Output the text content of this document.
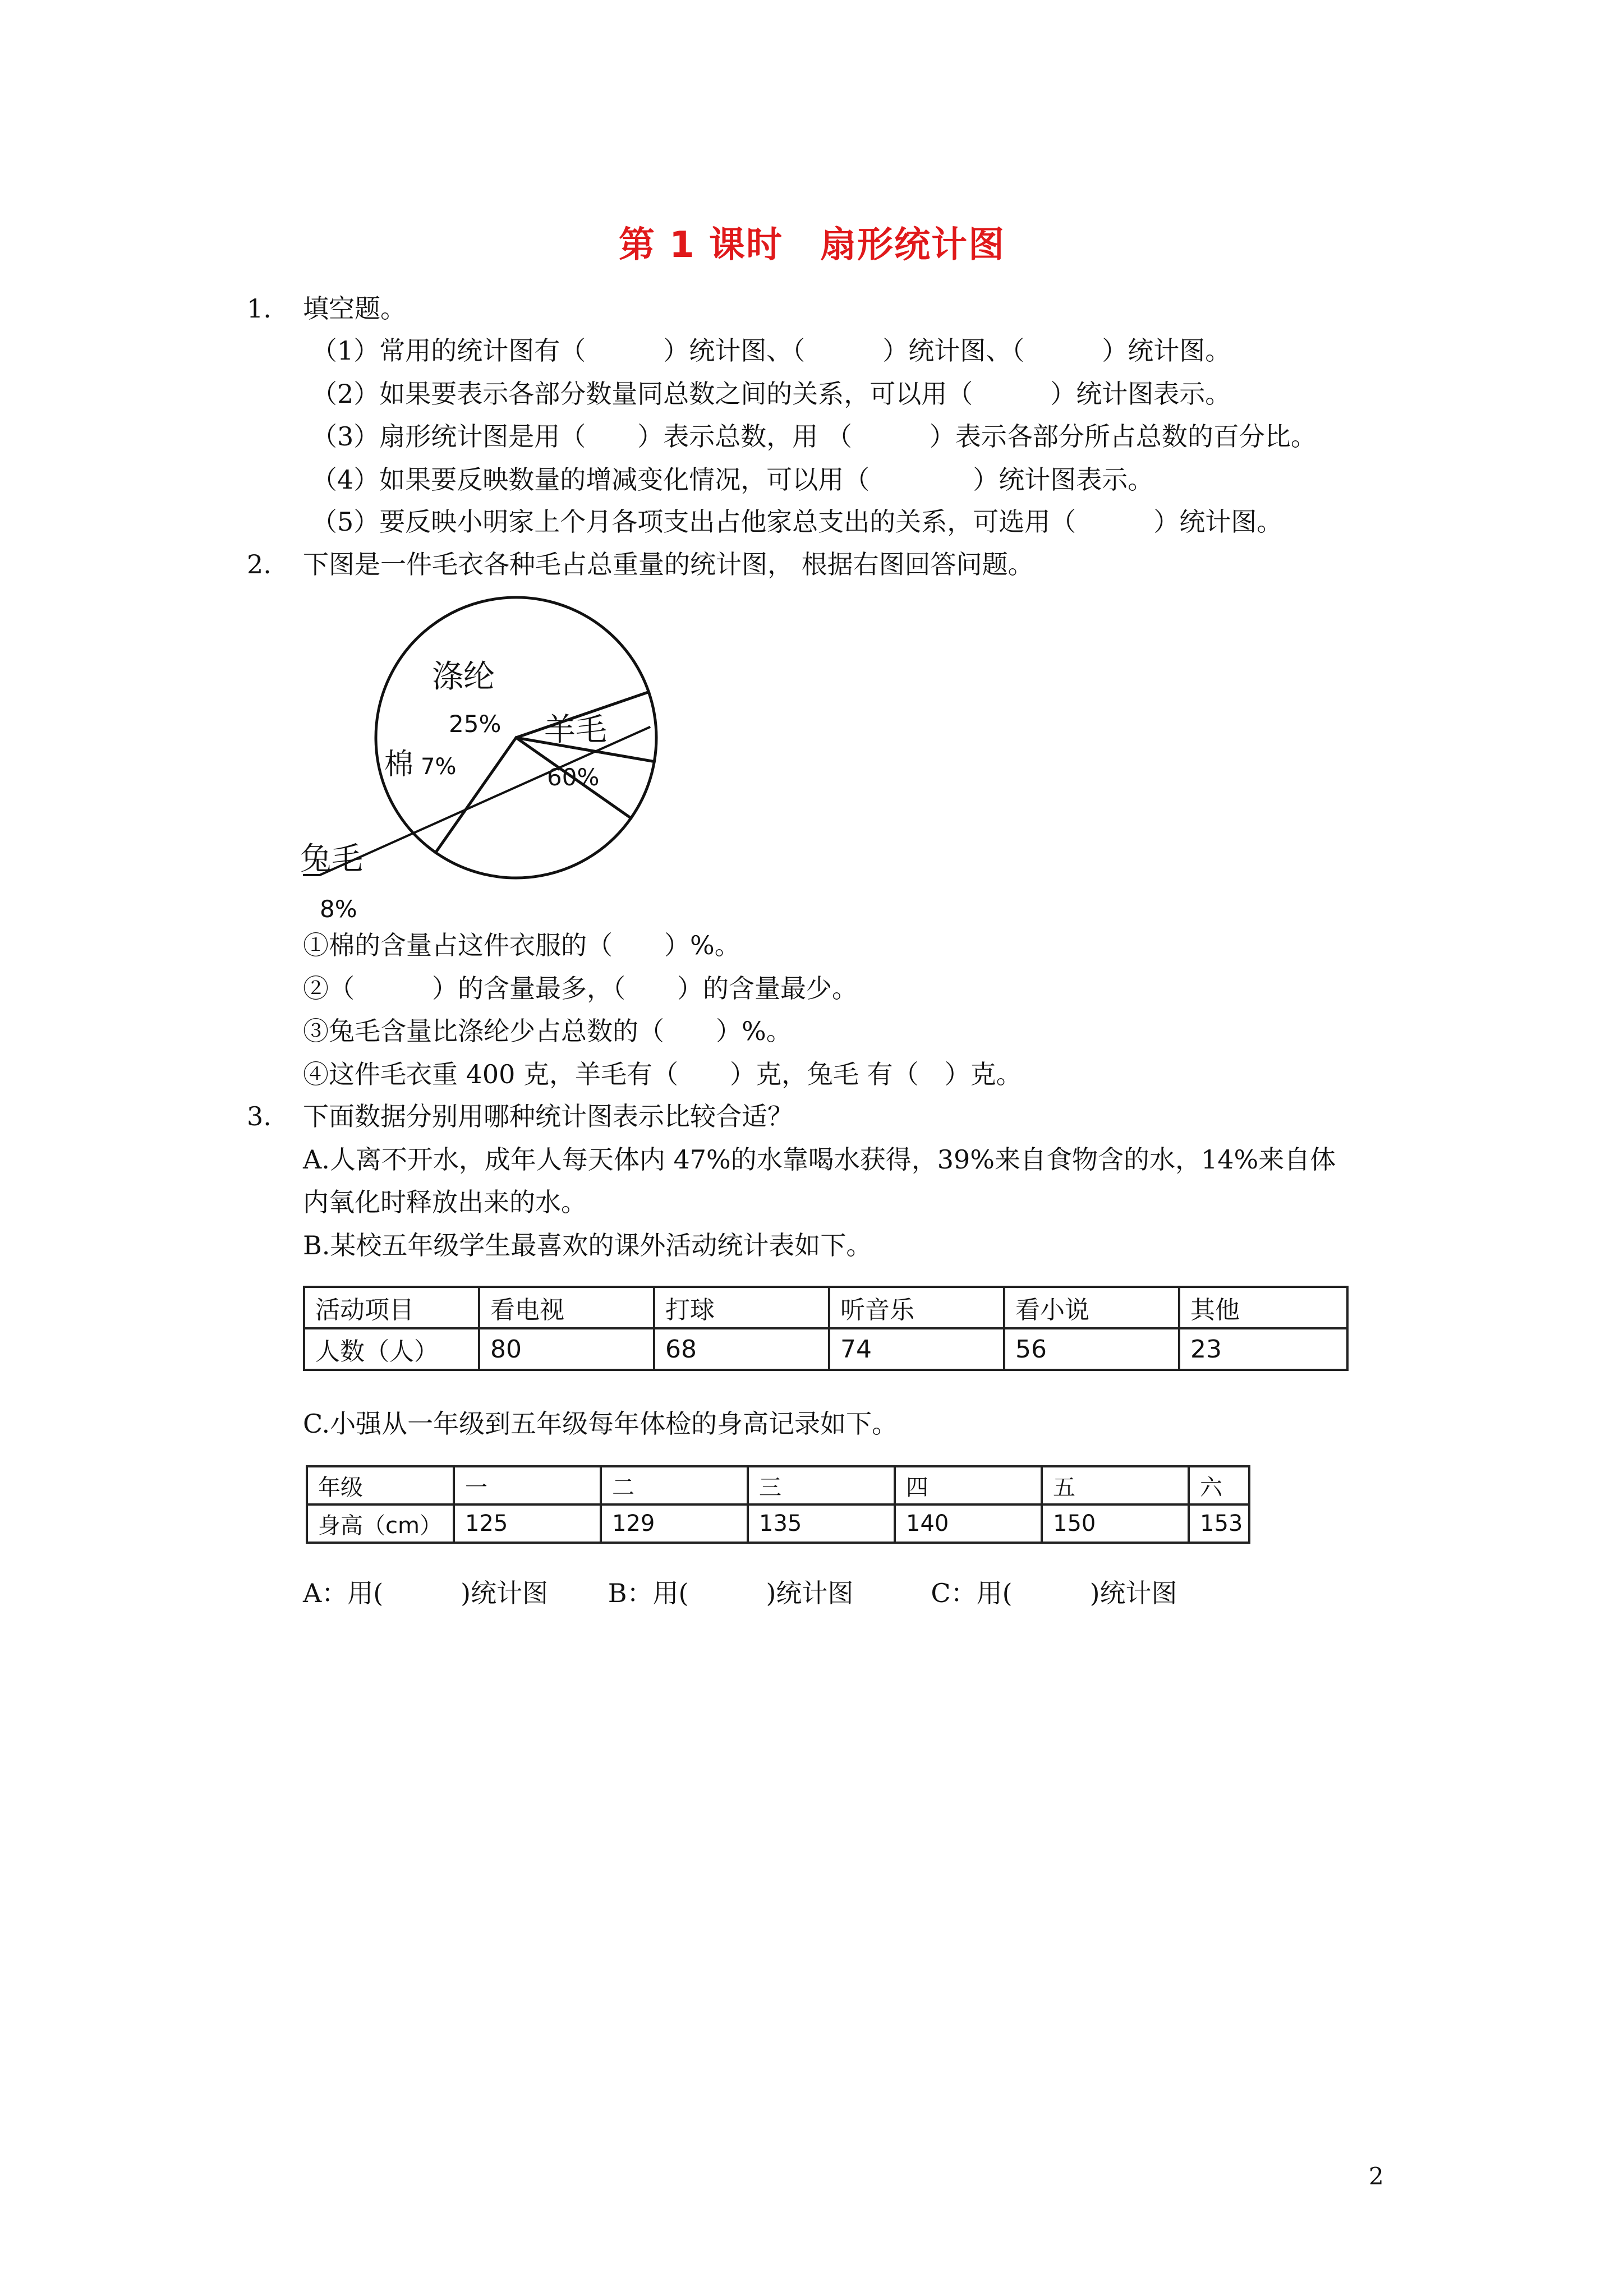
第 1 课时　扇形统计图
1. 填空题。
（1）常用的统计图有（　　　）统计图、（　　　）统计图、（　　　）统计图。
（2）如果要表示各部分数量同总数之间的关系，可以用（　　　）统计图表示。
（3）扇形统计图是用（　　）表示总数，用 （　　　）表示各部分所占总数的百分比。
（4）如果要反映数量的增减变化情况，可以用（　　　　）统计图表示。
（5）要反映小明家上个月各项支出占他家总支出的关系，可选用（　　　）统计图。
2. 下图是一件毛衣各种毛占总重量的统计图， 根据右图回答问题。
羊毛
60%
涤纶
25%
棉 7%
兔毛
8%
①棉的含量占这件衣服的（　　）%。
②（　　　）的含量最多，（　　）的含量最少。
③兔毛含量比涤纶少占总数的（　　）%。
④这件毛衣重 400 克，羊毛有（　　）克，兔毛 有（　）克。
3. 下面数据分别用哪种统计图表示比较合适？
A.人离不开水，成年人每天体内 47%的水靠喝水获得，39%来自食物含的水，14%来自体
内氧化时释放出来的水。
B.某校五年级学生最喜欢的课外活动统计表如下。
活动项目	看电视	打球	听音乐	看小说	其他
人数（人）	80	68	74	56	23
C.小强从一年级到五年级每年体检的身高记录如下。
年级	一	二	三	四	五	六
身高（cm）	125	129	135	140	150	153
A：用(　　　)统计图　　 B：用(　　　)统计图　　　C：用(　　　)统计图
2
